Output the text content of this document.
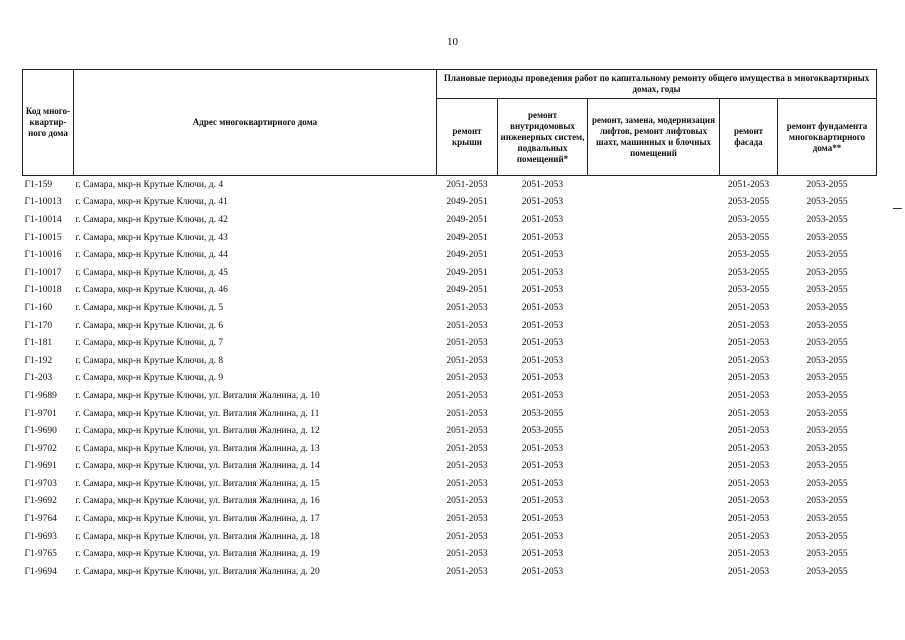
10
Код много-квартир-ного дома	Адрес многоквартирного дома	Плановые периоды проведения работ по капитальному ремонту общего имущества в многоквартирных домах, годы				
		ремонт крыши	ремонт внутридомовых инженерных систем, подвальных помещений*	ремонт, замена, модернизация лифтов, ремонт лифтовых шахт, машинных и блочных помещений	ремонт фасада	ремонт фундамента многоквартирного дома**
Г1-159	г. Самара, мкр-н Крутые Ключи, д. 4	2051-2053	2051-2053		2051-2053	2053-2055
Г1-10013	г. Самара, мкр-н Крутые Ключи, д. 41	2049-2051	2051-2053		2053-2055	2053-2055
Г1-10014	г. Самара, мкр-н Крутые Ключи, д. 42	2049-2051	2051-2053		2053-2055	2053-2055
Г1-10015	г. Самара, мкр-н Крутые Ключи, д. 43	2049-2051	2051-2053		2053-2055	2053-2055
Г1-10016	г. Самара, мкр-н Крутые Ключи, д. 44	2049-2051	2051-2053		2053-2055	2053-2055
Г1-10017	г. Самара, мкр-н Крутые Ключи, д. 45	2049-2051	2051-2053		2053-2055	2053-2055
Г1-10018	г. Самара, мкр-н Крутые Ключи, д. 46	2049-2051	2051-2053		2053-2055	2053-2055
Г1-160	г. Самара, мкр-н Крутые Ключи, д. 5	2051-2053	2051-2053		2051-2053	2053-2055
Г1-170	г. Самара, мкр-н Крутые Ключи, д. 6	2051-2053	2051-2053		2051-2053	2053-2055
Г1-181	г. Самара, мкр-н Крутые Ключи, д. 7	2051-2053	2051-2053		2051-2053	2053-2055
Г1-192	г. Самара, мкр-н Крутые Ключи, д. 8	2051-2053	2051-2053		2051-2053	2053-2055
Г1-203	г. Самара, мкр-н Крутые Ключи, д. 9	2051-2053	2051-2053		2051-2053	2053-2055
Г1-9689	г. Самара, мкр-н Крутые Ключи, ул. Виталия Жалнина, д. 10	2051-2053	2051-2053		2051-2053	2053-2055
Г1-9701	г. Самара, мкр-н Крутые Ключи, ул. Виталия Жалнина, д. 11	2051-2053	2053-2055		2051-2053	2053-2055
Г1-9690	г. Самара, мкр-н Крутые Ключи, ул. Виталия Жалнина, д. 12	2051-2053	2053-2055		2051-2053	2053-2055
Г1-9702	г. Самара, мкр-н Крутые Ключи, ул. Виталия Жалнина, д. 13	2051-2053	2051-2053		2051-2053	2053-2055
Г1-9691	г. Самара, мкр-н Крутые Ключи, ул. Виталия Жалнина, д. 14	2051-2053	2051-2053		2051-2053	2053-2055
Г1-9703	г. Самара, мкр-н Крутые Ключи, ул. Виталия Жалнина, д. 15	2051-2053	2051-2053		2051-2053	2053-2055
Г1-9692	г. Самара, мкр-н Крутые Ключи, ул. Виталия Жалнина, д. 16	2051-2053	2051-2053		2051-2053	2053-2055
Г1-9764	г. Самара, мкр-н Крутые Ключи, ул. Виталия Жалнина, д. 17	2051-2053	2051-2053		2051-2053	2053-2055
Г1-9693	г. Самара, мкр-н Крутые Ключи, ул. Виталия Жалнина, д. 18	2051-2053	2051-2053		2051-2053	2053-2055
Г1-9765	г. Самара, мкр-н Крутые Ключи, ул. Виталия Жалнина, д. 19	2051-2053	2051-2053		2051-2053	2053-2055
Г1-9694	г. Самара, мкр-н Крутые Ключи, ул. Виталия Жалнина, д. 20	2051-2053	2051-2053		2051-2053	2053-2055
